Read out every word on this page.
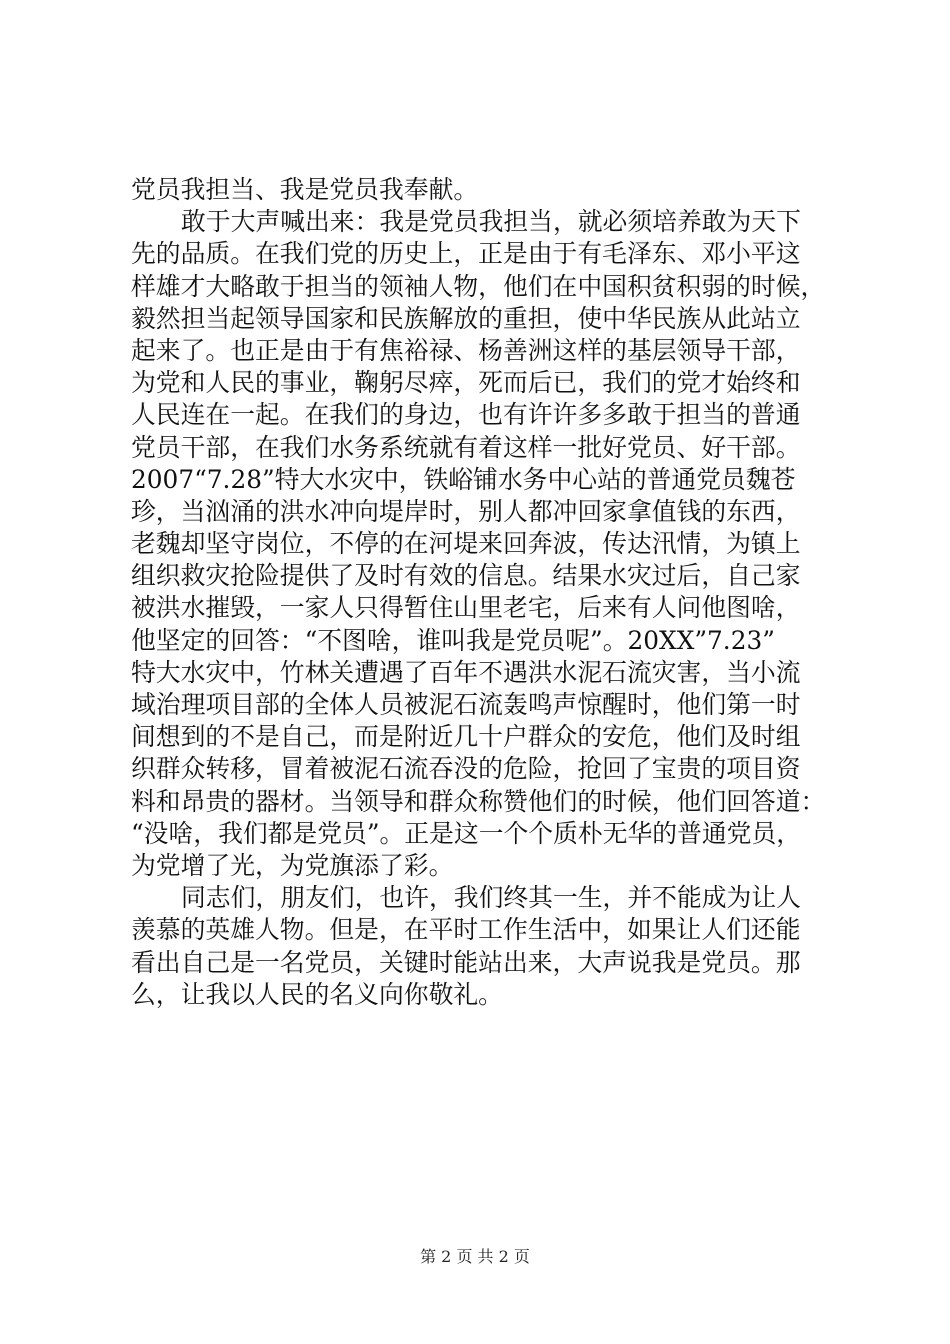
党员我担当、我是党员我奉献。
敢于大声喊出来：我是党员我担当，就必须培养敢为天下
先的品质。在我们党的历史上，正是由于有毛泽东、邓小平这
样雄才大略敢于担当的领袖人物，他们在中国积贫积弱的时候，
毅然担当起领导国家和民族解放的重担，使中华民族从此站立
起来了。也正是由于有焦裕禄、杨善洲这样的基层领导干部，
为党和人民的事业，鞠躬尽瘁，死而后已，我们的党才始终和
人民连在一起。在我们的身边，也有许许多多敢于担当的普通
党员干部，在我们水务系统就有着这样一批好党员、好干部。
2007“7.28”特大水灾中，铁峪铺水务中心站的普通党员魏苍
珍，当汹涌的洪水冲向堤岸时，别人都冲回家拿值钱的东西，
老魏却坚守岗位，不停的在河堤来回奔波，传达汛情，为镇上
组织救灾抢险提供了及时有效的信息。结果水灾过后，自己家
被洪水摧毁，一家人只得暂住山里老宅，后来有人问他图啥，
他坚定的回答：“不图啥，谁叫我是党员呢”。20XX”7.23”
特大水灾中，竹林关遭遇了百年不遇洪水泥石流灾害，当小流
域治理项目部的全体人员被泥石流轰鸣声惊醒时，他们第一时
间想到的不是自己，而是附近几十户群众的安危，他们及时组
织群众转移，冒着被泥石流吞没的危险，抢回了宝贵的项目资
料和昂贵的器材。当领导和群众称赞他们的时候，他们回答道：
“没啥，我们都是党员”。正是这一个个质朴无华的普通党员，
为党增了光，为党旗添了彩。
同志们，朋友们，也许，我们终其一生，并不能成为让人
羡慕的英雄人物。但是，在平时工作生活中，如果让人们还能
看出自己是一名党员，关键时能站出来，大声说我是党员。那
么，让我以人民的名义向你敬礼。
第 2 页 共 2 页
